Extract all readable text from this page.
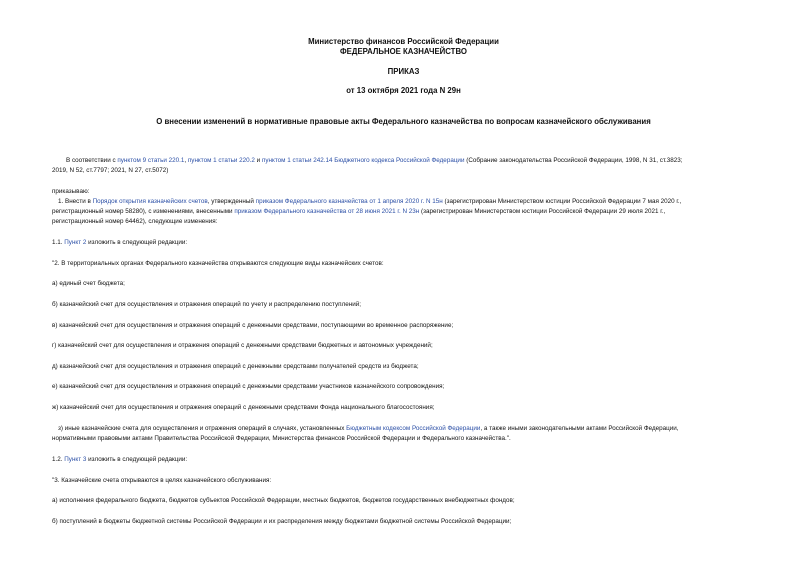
Министерство финансов Российской Федерации
ФЕДЕРАЛЬНОЕ КАЗНАЧЕЙСТВО
ПРИКАЗ
от 13 октября 2021 года N 29н
О внесении изменений в нормативные правовые акты Федерального казначейства по вопросам казначейского обслуживания
В соответствии с пунктом 9 статьи 220.1, пунктом 1 статьи 220.2 и пунктом 1 статьи 242.14 Бюджетного кодекса Российской Федерации (Собрание законодательства Российской Федерации, 1998, N 31, ст.3823;
2019, N 52, ст.7797; 2021, N 27, ст.5072)
приказываю:
1. Внести в Порядок открытия казначейских счетов, утвержденный приказом Федерального казначейства от 1 апреля 2020 г. N 15н (зарегистрирован Министерством юстиции Российской Федерации 7 мая 2020 г.,
регистрационный номер 58280), с изменениями, внесенными приказом Федерального казначейства от 28 июня 2021 г. N 23н (зарегистрирован Министерством юстиции Российской Федерации 29 июля 2021 г.,
регистрационный номер 64462), следующие изменения:
1.1. Пункт 2 изложить в следующей редакции:
"2. В территориальных органах Федерального казначейства открываются следующие виды казначейских счетов:
а) единый счет бюджета;
б) казначейский счет для осуществления и отражения операций по учету и распределению поступлений;
в) казначейский счет для осуществления и отражения операций с денежными средствами, поступающими во временное распоряжение;
г) казначейский счет для осуществления и отражения операций с денежными средствами бюджетных и автономных учреждений;
д) казначейский счет для осуществления и отражения операций с денежными средствами получателей средств из бюджета;
е) казначейский счет для осуществления и отражения операций с денежными средствами участников казначейского сопровождения;
ж) казначейский счет для осуществления и отражения операций с денежными средствами Фонда национального благосостояния;
з) иные казначейские счета для осуществления и отражения операций в случаях, установленных Бюджетным кодексом Российской Федерации, а также иными законодательными актами Российской Федерации,
нормативными правовыми актами Правительства Российской Федерации, Министерства финансов Российской Федерации и Федерального казначейства.".
1.2. Пункт 3 изложить в следующей редакции:
"3. Казначейские счета открываются в целях казначейского обслуживания:
а) исполнения федерального бюджета, бюджетов субъектов Российской Федерации, местных бюджетов, бюджетов государственных внебюджетных фондов;
б) поступлений в бюджеты бюджетной системы Российской Федерации и их распределения между бюджетами бюджетной системы Российской Федерации;
